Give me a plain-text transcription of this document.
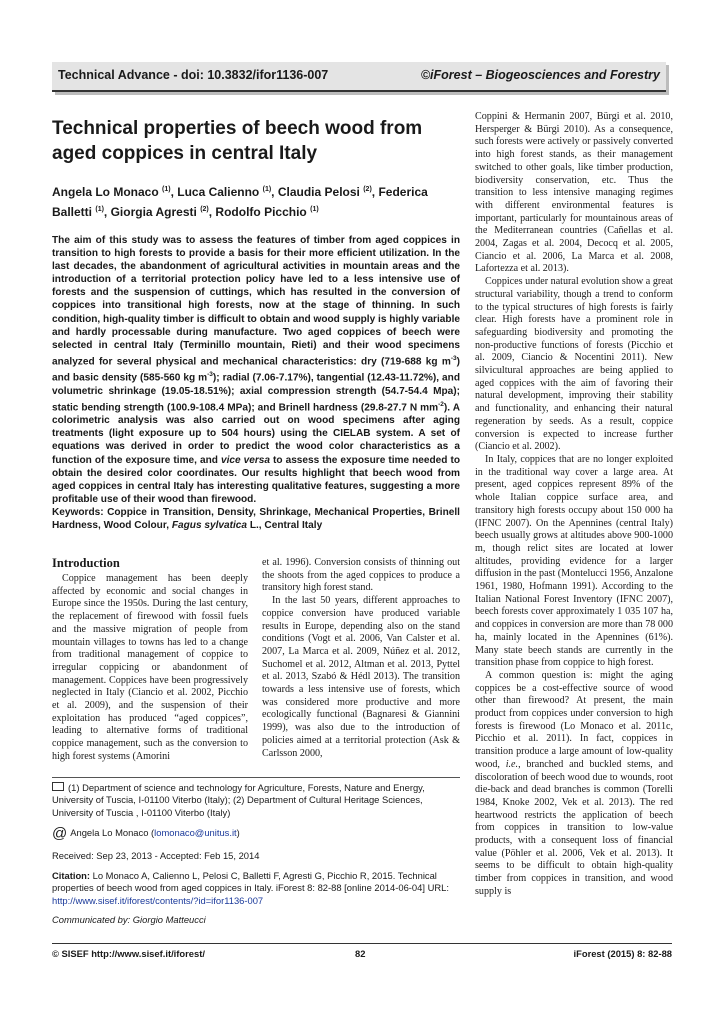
Technical Advance - doi: 10.3832/ifor1136-007	©iForest – Biogeosciences and Forestry
Technical properties of beech wood from aged coppices in central Italy

Angela Lo Monaco $^{(1)}$, Luca Calienno $^{(1)}$, Claudia Pelosi $^{(2)}$, Federica Balletti $^{(1)}$, Giorgia Agresti $^{(2)}$, Rodolfo Picchio $^{(1)}$

The aim of this study was to assess the features of timber from aged coppices in transition to high forests to provide a basis for their more efficient utilization. In the last decades, the abandonment of agricultural activities in mountain areas and the introduction of a territorial protection policy have led to a less intensive use of forests and the suspension of cuttings, which has resulted in the conversion of coppices into transitional high forests, now at the stage of thinning. In such condition, high-quality timber is difficult to obtain and wood supply is highly variable and hardly processable during manufacture. Two aged coppices of beech were selected in central Italy (Terminillo mountain, Rieti) and their wood specimens analyzed for several physical and mechanical characteristics: dry (719-688 kg $m^{-3}$) and basic density (585-560 kg $m^{-3}$); radial (7.06-7.17%), tangential (12.43-11.72%), and volumetric shrinkage (19.05-18.51%); axial compression strength (54.7-54.4 Mpa); static bending strength (100.9-108.4 MPa); and Brinell hardness (29.8-27.7 N $mm^{-2}$). A colorimetric analysis was also carried out on wood specimens after aging treatments (light exposure up to 504 hours) using the CIELAB system. A set of equations was derived in order to predict the wood color characteristics as a function of the exposure time, and vice versa to assess the exposure time needed to obtain the desired color coordinates. Our results highlight that beech wood from aged coppices in central Italy has interesting qualitative features, suggesting a more profitable use of their wood than firewood.

Keywords: Coppice in Transition, Density, Shrinkage, Mechanical Properties, Brinell Hardness, Wood Colour, Fagus sylvatica L., Central Italy

Introduction

Coppice management has been deeply affected by economic and social changes in Europe since the 1950s. During the last century, the replacement of firewood with fossil fuels and the massive migration of people from mountain villages to towns has led to a change from traditional management of coppice to irregular coppicing or abandonment of management. Coppices have been progressively neglected in Italy (Ciancio et al. 2002, Picchio et al. 2009), and the suspension of their exploitation has produced “aged coppices”, leading to alternative forms of traditional coppice management, such as the conversion to high forest systems (Amorini

et al. 1996). Conversion consists of thinning out the shoots from the aged coppices to produce a transitory high forest stand.

In the last 50 years, different approaches to coppice conversion have produced variable results in Europe, depending also on the stand conditions (Vogt et al. 2006, Van Calster et al. 2007, La Marca et al. 2009, Núñez et al. 2012, Suchomel et al. 2012, Altman et al. 2013, Pyttel et al. 2013, Szabó & Hédl 2013). The transition towards a less intensive use of forests, which was considered more productive and more ecologically functional (Bagnaresi & Giannini 1999), was also due to the introduction of policies aimed at a territorial protection (Ask & Carlsson 2000,

Coppini & Hermanin 2007, Bürgi et al. 2010, Hersperger & Bürgi 2010). As a consequence, such forests were actively or passively converted into high forest stands, as their management switched to other goals, like timber production, biodiversity conservation, etc. Thus the transition to less intensive managing regimes with different environmental features is important, particularly for mountainous areas of the Mediterranean countries (Cañellas et al. 2004, Zagas et al. 2004, Decocq et al. 2005, Ciancio et al. 2006, La Marca et al. 2008, Lafortezza et al. 2013).

Coppices under natural evolution show a great structural variability, though a trend to conform to the typical structures of high forests is fairly clear. High forests have a prominent role in safeguarding biodiversity and promoting the non-productive functions of forests (Picchio et al. 2009, Ciancio & Nocentini 2011). New silvicultural approaches are being applied to aged coppices with the aim of favoring their natural development, improving their stability and functionality, and enhancing their natural regeneration by seeds. As a result, coppice conversion is expected to increase further (Ciancio et al. 2002).

In Italy, coppices that are no longer exploited in the traditional way cover a large area. At present, aged coppices represent 89% of the whole Italian coppice surface area, and transitory high forests occupy about 150 000 ha (IFNC 2007). On the Apennines (central Italy) beech usually grows at altitudes above 900-1000 m, though relict sites are located at lower altitudes, providing evidence for a larger diffusion in the past (Montelucci 1956, Anzalone 1961, 1980, Hofmann 1991). According to the Italian National Forest Inventory (IFNC 2007), beech forests cover approximately 1 035 107 ha, and coppices in conversion are more than 78 000 ha, mainly located in the Apennines (61%). Many state beech stands are currently in the transition phase from coppice to high forest.

A common question is: might the aging coppices be a cost-effective source of wood other than firewood? At present, the main product from coppices under conversion to high forests is firewood (Lo Monaco et al. 2011c, Picchio et al. 2011). In fact, coppices in transition produce a large amount of low-quality wood, i.e., branched and buckled stems, and discoloration of beech wood due to wounds, root die-back and dead branches is common (Torelli 1984, Knoke 2002, Vek et al. 2013). The red heartwood restricts the application of beech from coppices in transition to low-value products, with a consequent loss of financial value (Pöhler et al. 2006, Vek et al. 2013). It seems to be difficult to obtain high-quality timber from coppices in transition, and wood supply is

(1) Department of science and technology for Agriculture, Forests, Nature and Energy, University of Tuscia, I-01100 Viterbo (Italy); (2) Department of Cultural Heritage Sciences, University of Tuscia , I-01100 Viterbo (Italy)

@ Angela Lo Monaco (lomonaco@unitus.it)

Received: Sep 23, 2013 - Accepted: Feb 15, 2014

Citation: Lo Monaco A, Calienno L, Pelosi C, Balletti F, Agresti G, Picchio R, 2015. Technical properties of beech wood from aged coppices in Italy. iForest 8: 82-88 [online 2014-06-04] URL: http://www.sisef.it/iforest/contents/?id=ifor1136-007

Communicated by: Giorgio Matteucci

© SISEF http://www.sisef.it/iforest/	82	iForest (2015) 8: 82-88
